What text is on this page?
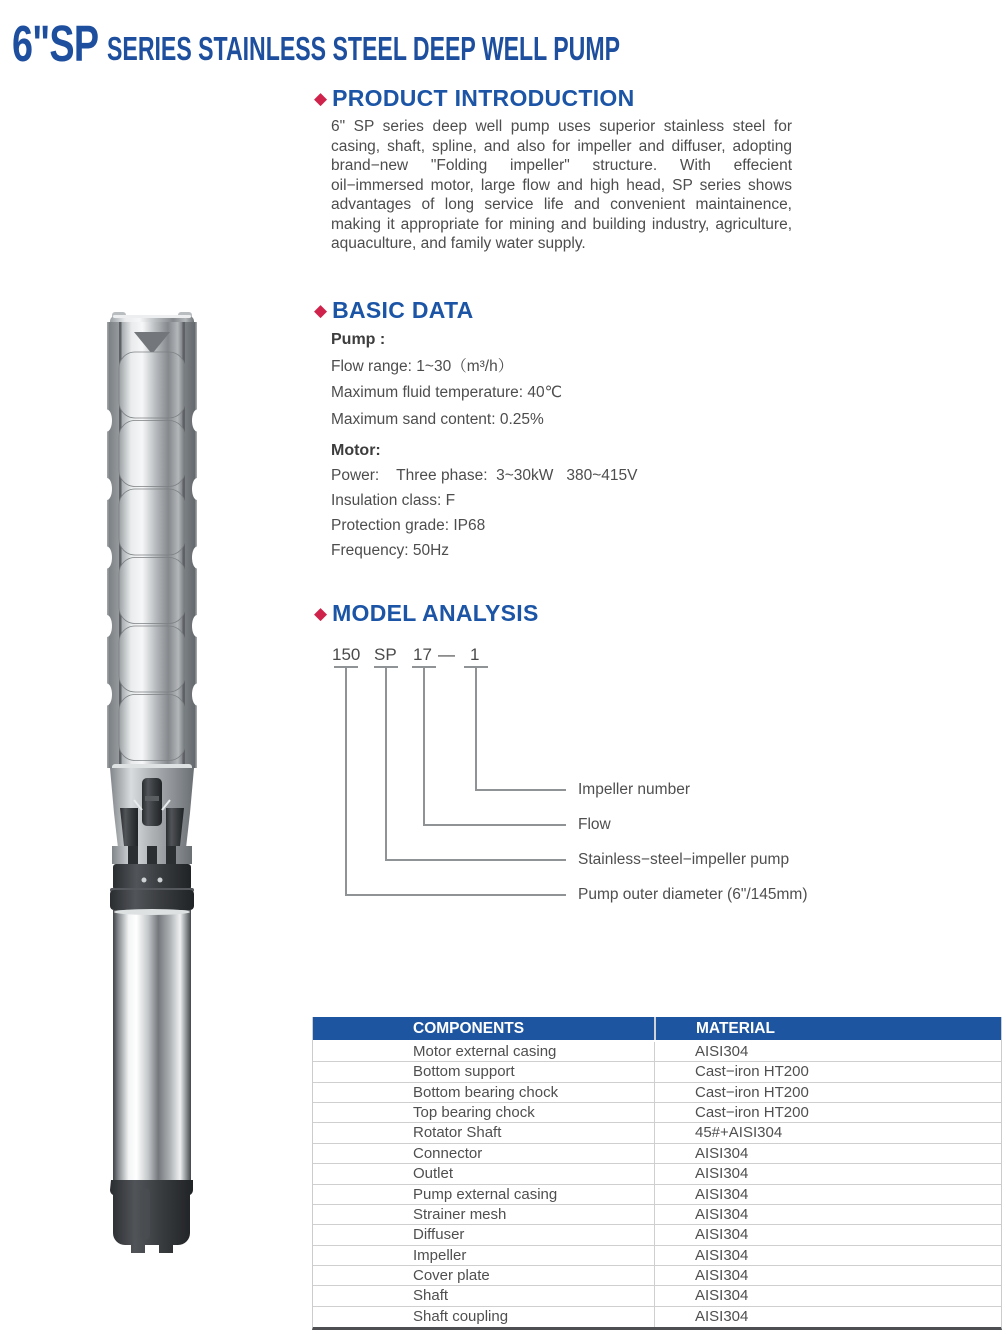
6"SP SERIES STAINLESS STEEL DEEP WELL PUMP
◆ PRODUCT INTRODUCTION
6" SP series deep well pump uses superior stainless steel for casing, shaft, spline, and also for impeller and diffuser, adopting brand−new "Folding impeller" structure. With effecient oil−immersed motor, large flow and high head, SP series shows advantages of long service life and convenient maintainence, making it appropriate for mining and building industry, agriculture, aquaculture, and family water supply.
◆ BASIC DATA
Pump :
Flow range: 1~30（m³/h）
Maximum fluid temperature: 40℃
Maximum sand content: 0.25%
Motor:
Power:    Three phase:  3~30kW   380~415V
Insulation class: F
Protection grade: IP68
Frequency: 50Hz
◆ MODEL ANALYSIS
150 SP 17 — 1
Impeller number
Flow
Stainless−steel−impeller pump
Pump outer diameter (6"/145mm)
COMPONENTS	MATERIAL
Motor external casing	AISI304
Bottom support	Cast−iron HT200
Bottom bearing chock	Cast−iron HT200
Top bearing chock	Cast−iron HT200
Rotator Shaft	45#+AISI304
Connector	AISI304
Outlet	AISI304
Pump external casing	AISI304
Strainer mesh	AISI304
Diffuser	AISI304
Impeller	AISI304
Cover plate	AISI304
Shaft	AISI304
Shaft coupling	AISI304
